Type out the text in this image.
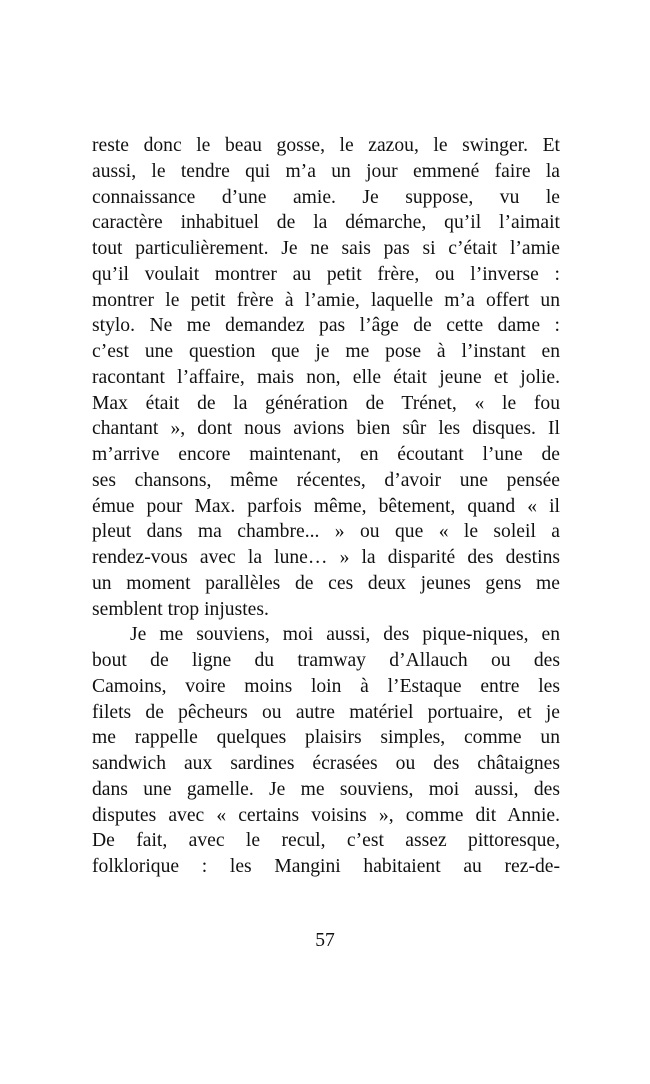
reste donc le beau gosse, le zazou, le swinger. Et
aussi, le tendre qui m’a un jour emmené faire la
connaissance d’une amie. Je suppose, vu le
caractère inhabituel de la démarche, qu’il l’aimait
tout particulièrement. Je ne sais pas si c’était l’amie
qu’il voulait montrer au petit frère, ou l’inverse :
montrer le petit frère à l’amie, laquelle m’a offert un
stylo. Ne me demandez pas l’âge de cette dame :
c’est une question que je me pose à l’instant en
racontant l’affaire, mais non, elle était jeune et jolie.
Max était de la génération de Trénet, « le fou
chantant », dont nous avions bien sûr les disques. Il
m’arrive encore maintenant, en écoutant l’une de
ses chansons, même récentes, d’avoir une pensée
émue pour Max. parfois même, bêtement, quand « il
pleut dans ma chambre... » ou que « le soleil a
rendez-vous avec la lune… » la disparité des destins
un moment parallèles de ces deux jeunes gens me
semblent trop injustes.
Je me souviens, moi aussi, des pique-niques, en
bout de ligne du tramway d’Allauch ou des
Camoins, voire moins loin à l’Estaque entre les
filets de pêcheurs ou autre matériel portuaire, et je
me rappelle quelques plaisirs simples, comme un
sandwich aux sardines écrasées ou des châtaignes
dans une gamelle. Je me souviens, moi aussi, des
disputes avec « certains voisins », comme dit Annie.
De fait, avec le recul, c’est assez pittoresque,
folklorique : les Mangini habitaient au rez-de-
57
